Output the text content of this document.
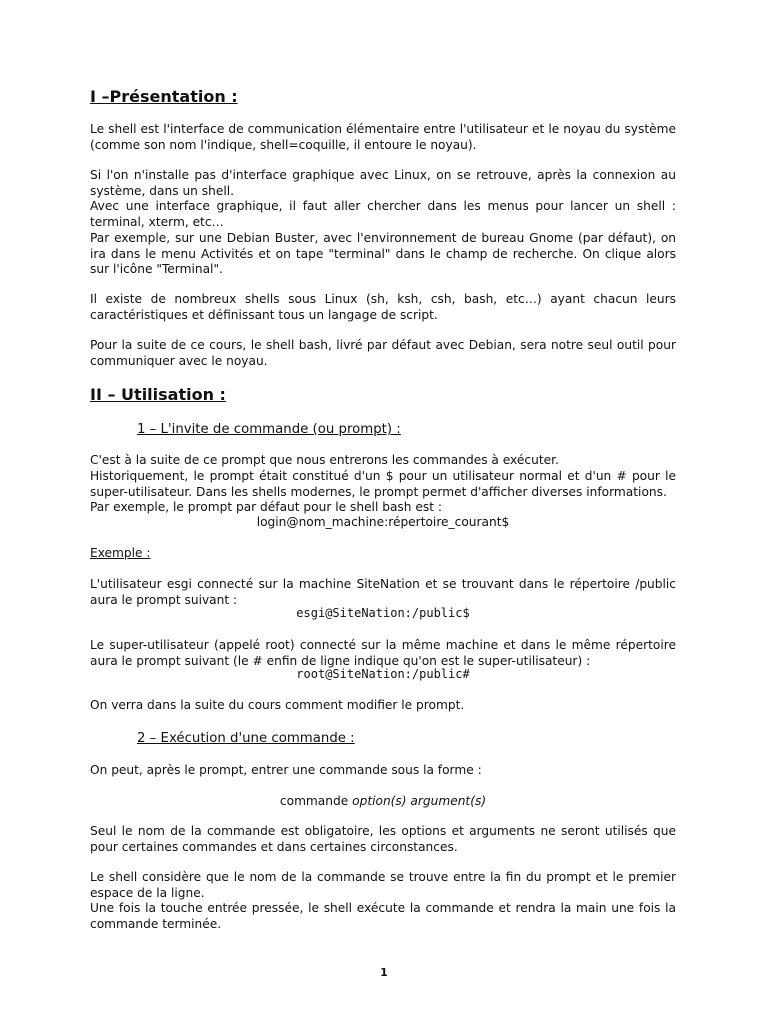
I –Présentation :

Le shell est l'interface de communication élémentaire entre l'utilisateur et le noyau du système (comme son nom l'indique, shell=coquille, il entoure le noyau).

Si l'on n'installe pas d'interface graphique avec Linux, on se retrouve, après la connexion au système, dans un shell.

Avec une interface graphique, il faut aller chercher dans les menus pour lancer un shell : terminal, xterm, etc…

Par exemple, sur une Debian Buster, avec l'environnement de bureau Gnome (par défaut), on ira dans le menu Activités et on tape "terminal" dans le champ de recherche. On clique alors sur l'icône "Terminal".

Il existe de nombreux shells sous Linux (sh, ksh, csh, bash, etc…) ayant chacun leurs caractéristiques et définissant tous un langage de script.

Pour la suite de ce cours, le shell bash, livré par défaut avec Debian, sera notre seul outil pour communiquer avec le noyau.

II – Utilisation :
1 – L'invite de commande (ou prompt) :

C'est à la suite de ce prompt que nous entrerons les commandes à exécuter.

Historiquement, le prompt était constitué d'un $ pour un utilisateur normal et d'un # pour le super-utilisateur. Dans les shells modernes, le prompt permet d'afficher diverses informations.

Par exemple, le prompt par défaut pour le shell bash est :

login@nom_machine:répertoire_courant$

Exemple :

L'utilisateur esgi connecté sur la machine SiteNation et se trouvant dans le répertoire /public aura le prompt suivant :

esgi@SiteNation:/public$

Le super-utilisateur (appelé root) connecté sur la même machine et dans le même répertoire aura le prompt suivant (le # enfin de ligne indique qu'on est le super-utilisateur) :

root@SiteNation:/public#

On verra dans la suite du cours comment modifier le prompt.

2 – Exécution d'une commande :

On peut, après le prompt, entrer une commande sous la forme :

commande option(s) argument(s)

Seul le nom de la commande est obligatoire, les options et arguments ne seront utilisés que pour certaines commandes et dans certaines circonstances.

Le shell considère que le nom de la commande se trouve entre la fin du prompt et le premier espace de la ligne.

Une fois la touche entrée pressée, le shell exécute la commande et rendra la main une fois la commande terminée.

1
